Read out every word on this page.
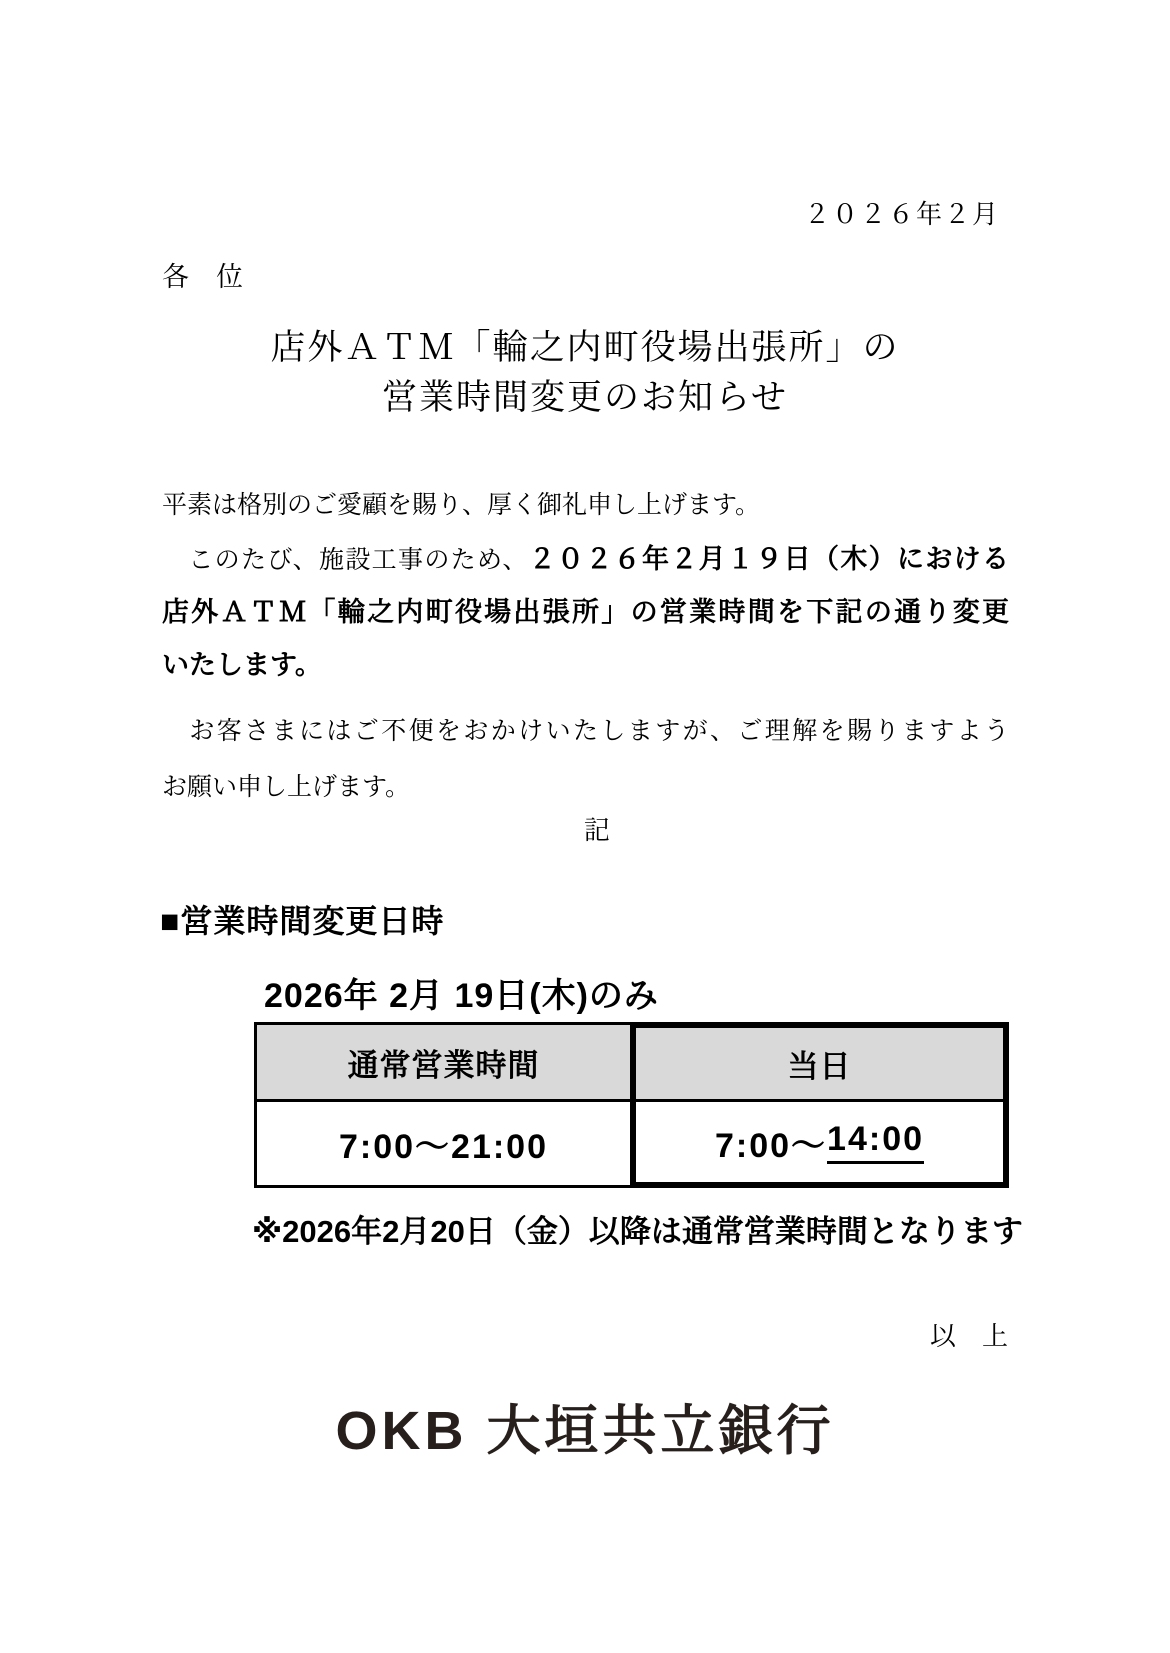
２０２６年２月
各　位
店外ＡＴＭ「輪之内町役場出張所」の
営業時間変更のお知らせ
平素は格別のご愛顧を賜り、厚く御礼申し上げます。
　このたび、施設工事のため、２０２６年２月１９日（木）における
店外ＡＴＭ「輪之内町役場出張所」の営業時間を下記の通り変更
いたします。
　お客さまにはご不便をおかけいたしますが、ご理解を賜りますよう
お願い申し上げます。
記
■営業時間変更日時
2026年 2月 19日(木)のみ
通常営業時間
7:00～21:00
当日
7:00～ 14:00
※2026年2月20日（金）以降は通常営業時間となります
以　上
OKB 大垣共立銀行
